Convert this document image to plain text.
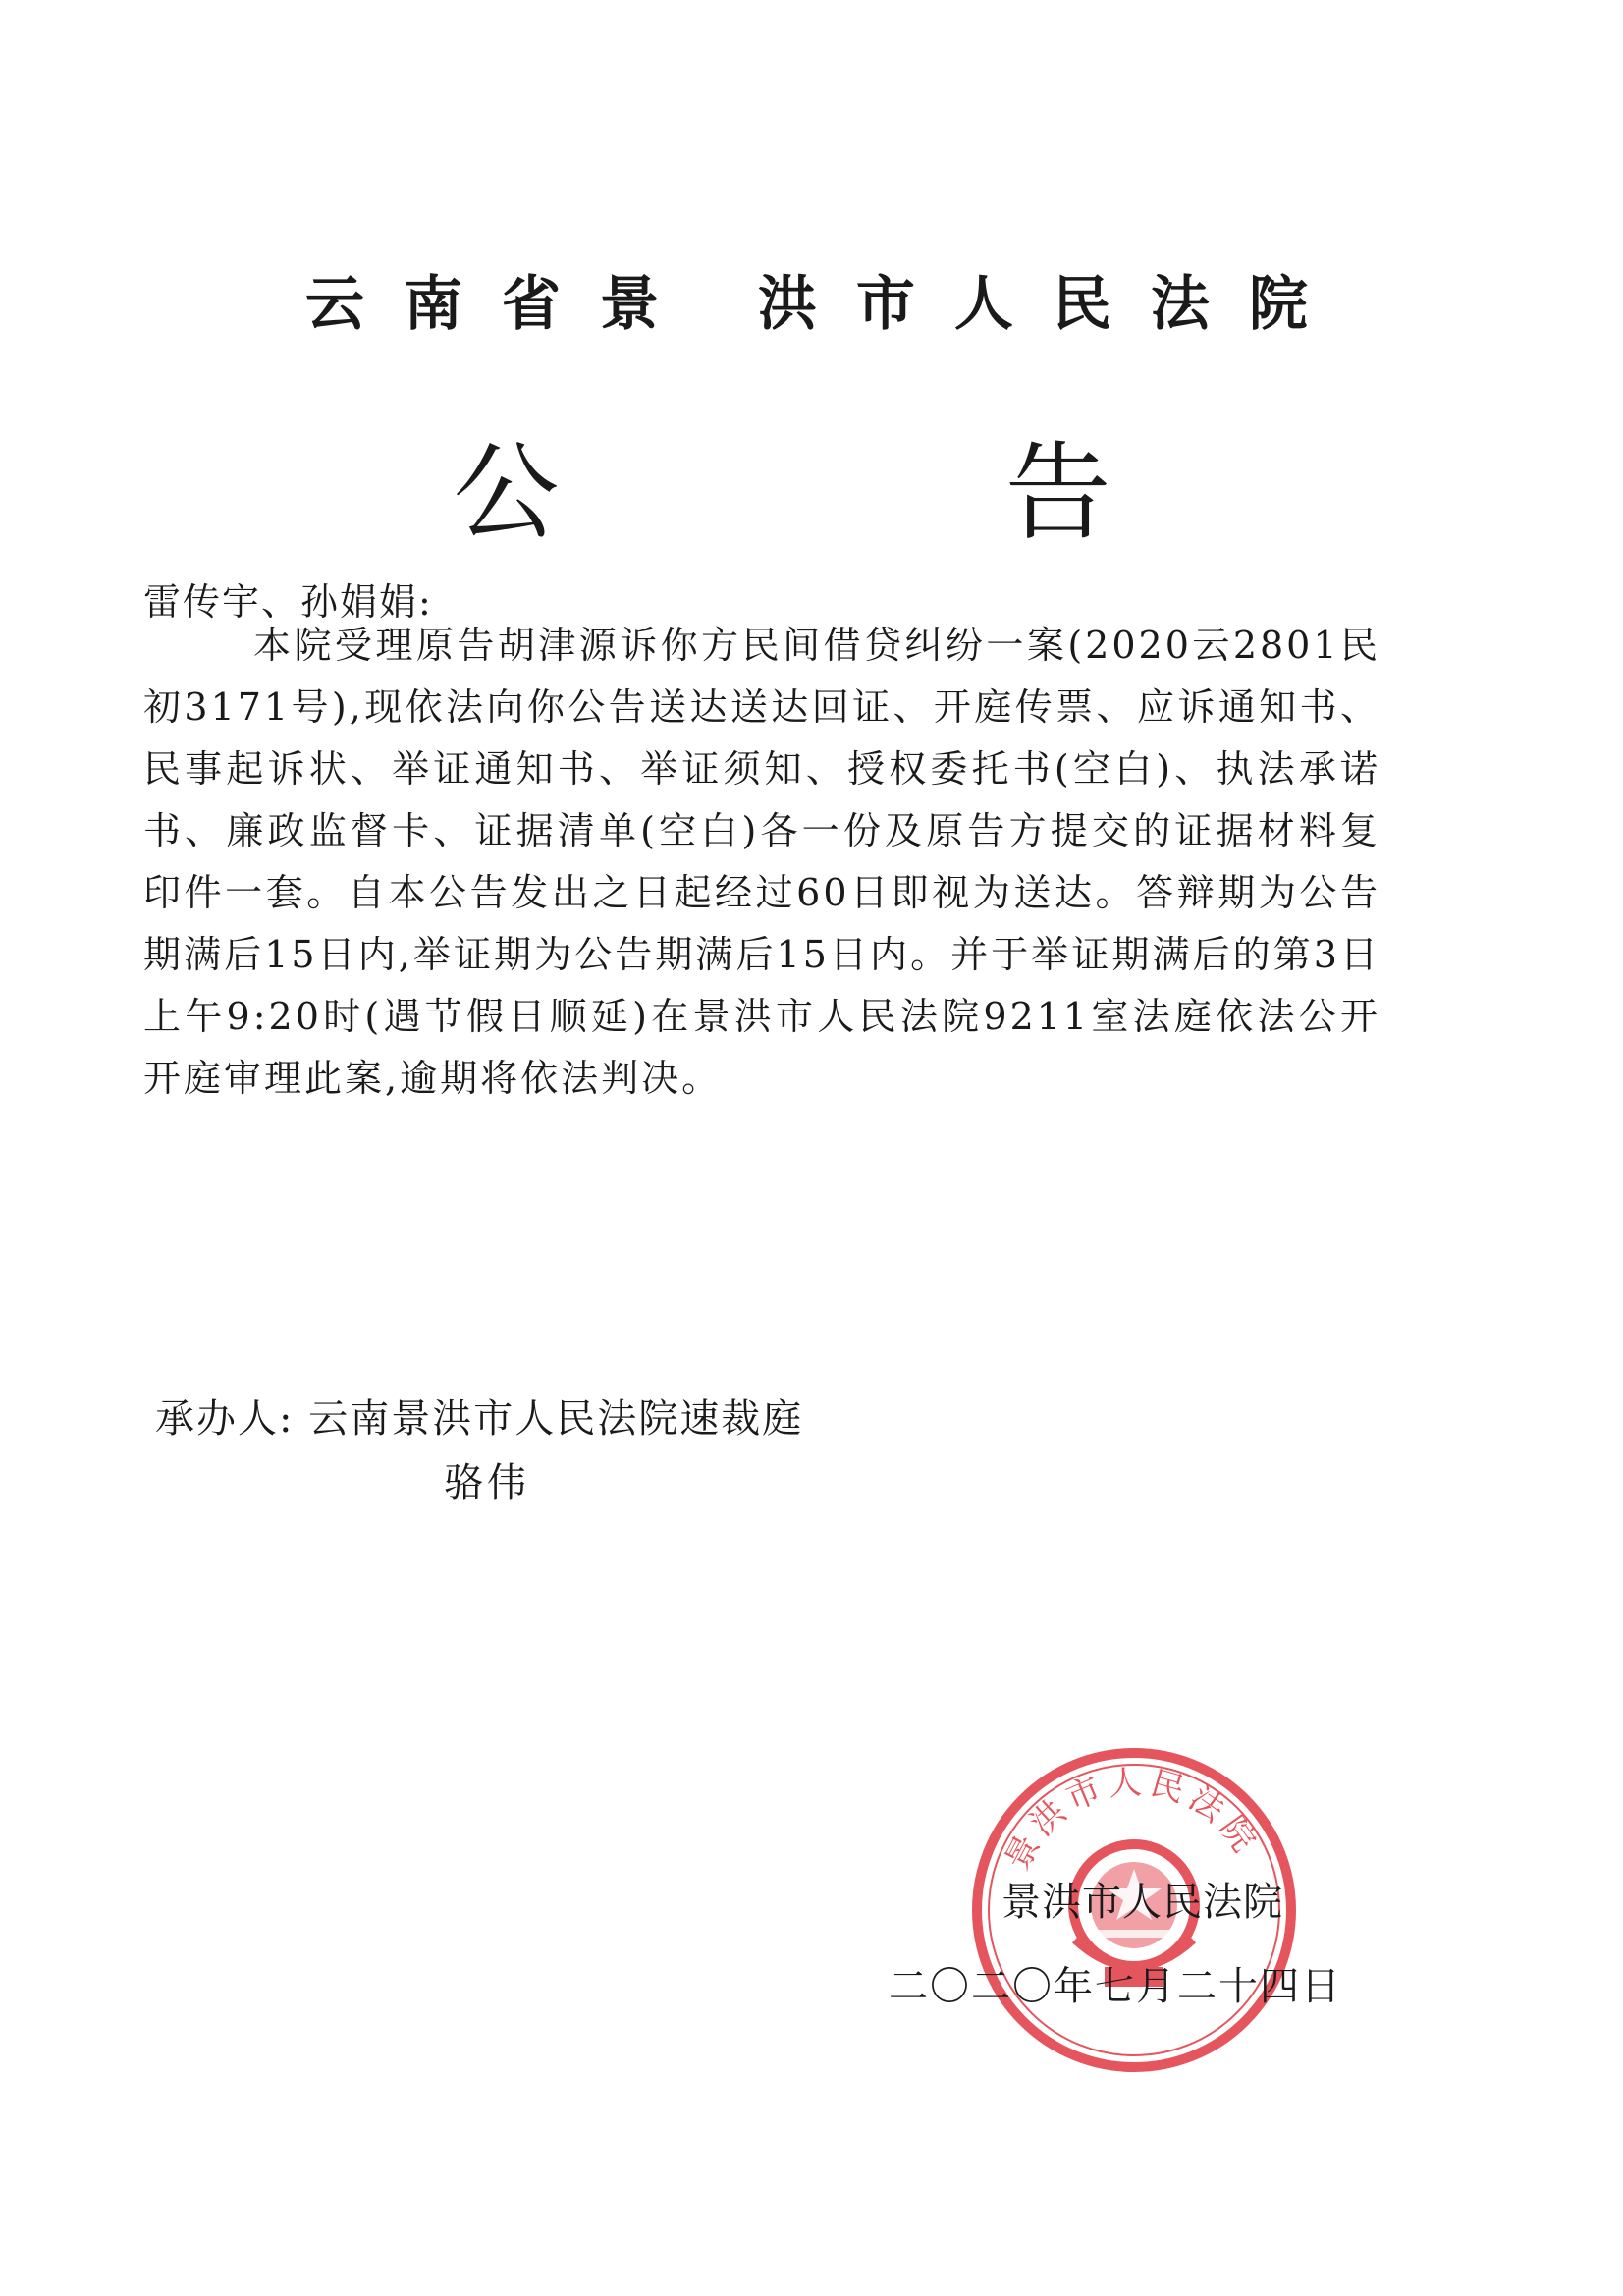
云南省景 洪市人民法院
公 告
雷传宇、孙娟娟:
本院受理原告胡津源诉你方民间借贷纠纷一案(2020云2801民初3171号),现依法向你公告送达送达回证、开庭传票、应诉通知书、民事起诉状、举证通知书、举证须知、授权委托书(空白)、执法承诺书、廉政监督卡、证据清单(空白)各一份及原告方提交的证据材料复印件一套。自本公告发出之日起经过60日即视为送达。答辩期为公告期满后15日内,举证期为公告期满后15日内。并于举证期满后的第3日上午9:20时(遇节假日顺延)在景洪市人民法院9211室法庭依法公开开庭审理此案,逾期将依法判决。
承办人: 云南景洪市人民法院速裁庭
骆伟
景洪市人民法院
景洪市人民法院
二〇二〇年七月二十四日
